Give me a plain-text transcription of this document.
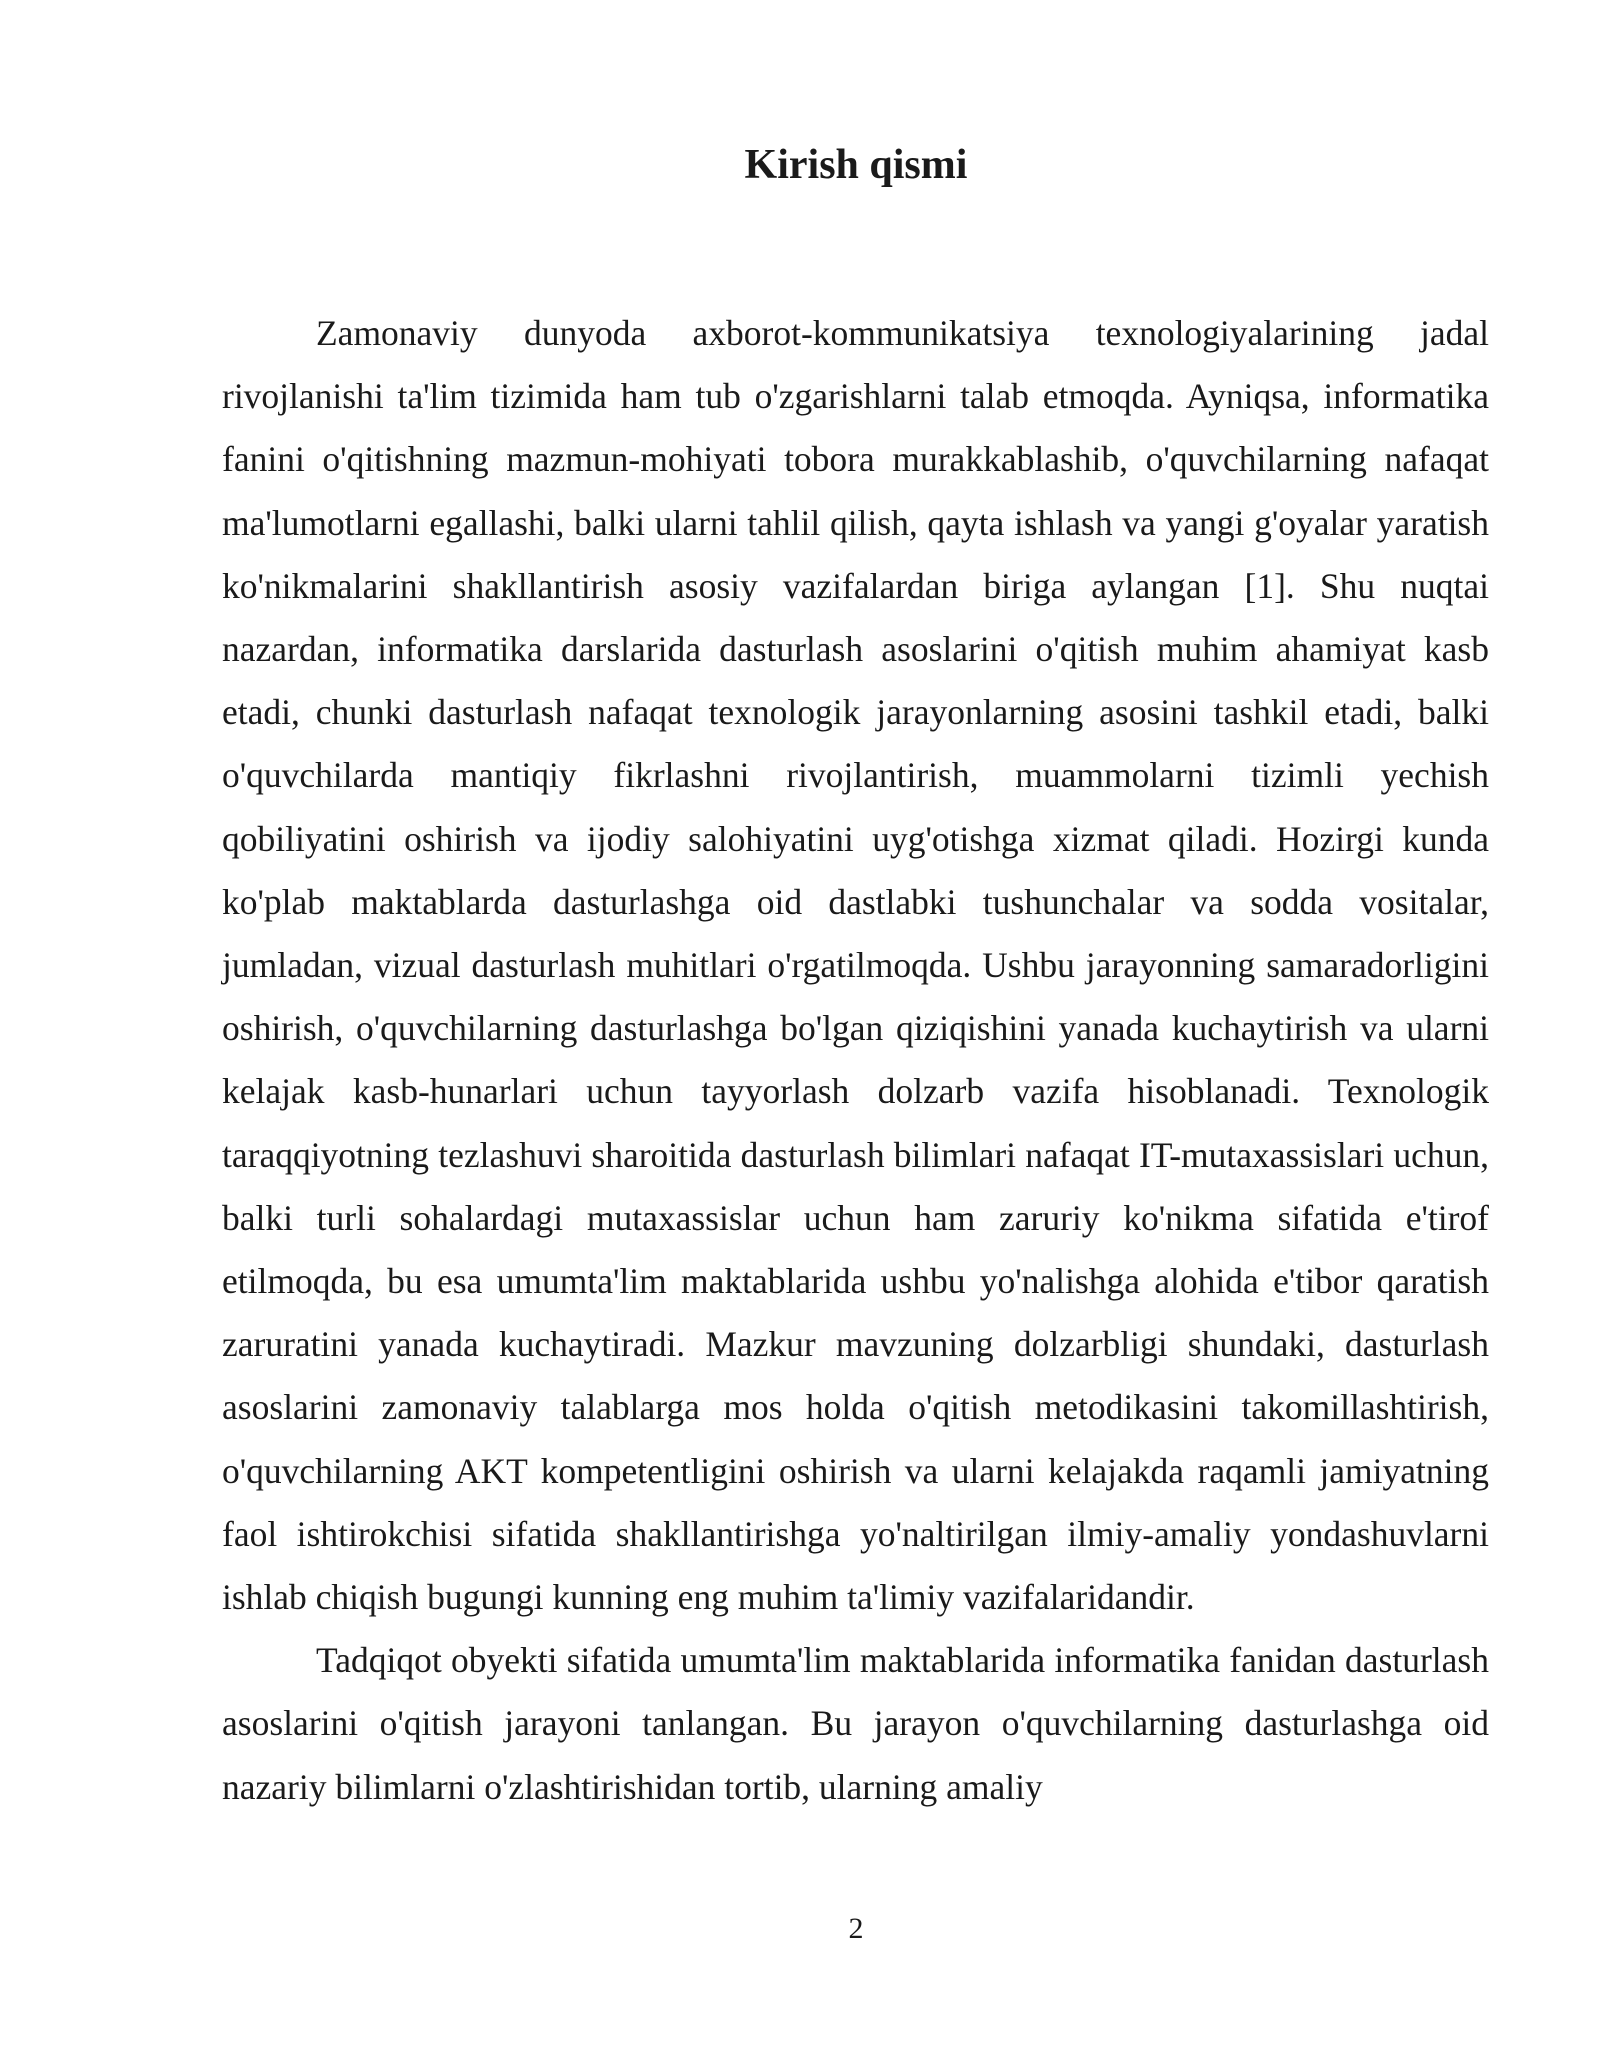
Kirish qismi

Zamonaviy dunyoda axborot-kommunikatsiya texnologiyalarining jadal rivojlanishi ta'lim tizimida ham tub o'zgarishlarni talab etmoqda. Ayniqsa, informatika fanini o'qitishning mazmun-mohiyati tobora murakkablashib, o'quvchilarning nafaqat ma'lumotlarni egallashi, balki ularni tahlil qilish, qayta ishlash va yangi g'oyalar yaratish ko'nikmalarini shakllantirish asosiy vazifalardan biriga aylangan [1]. Shu nuqtai nazardan, informatika darslarida dasturlash asoslarini o'qitish muhim ahamiyat kasb etadi, chunki dasturlash nafaqat texnologik jarayonlarning asosini tashkil etadi, balki o'quvchilarda mantiqiy fikrlashni rivojlantirish, muammolarni tizimli yechish qobiliyatini oshirish va ijodiy salohiyatini uyg'otishga xizmat qiladi. Hozirgi kunda ko'plab maktablarda dasturlashga oid dastlabki tushunchalar va sodda vositalar, jumladan, vizual dasturlash muhitlari o'rgatilmoqda. Ushbu jarayonning samaradorligini oshirish, o'quvchilarning dasturlashga bo'lgan qiziqishini yanada kuchaytirish va ularni kelajak kasb-hunarlari uchun tayyorlash dolzarb vazifa hisoblanadi. Texnologik taraqqiyotning tezlashuvi sharoitida dasturlash bilimlari nafaqat IT-mutaxassislari uchun, balki turli sohalardagi mutaxassislar uchun ham zaruriy ko'nikma sifatida e'tirof etilmoqda, bu esa umumta'lim maktablarida ushbu yo'nalishga alohida e'tibor qaratish zaruratini yanada kuchaytiradi. Mazkur mavzuning dolzarbligi shundaki, dasturlash asoslarini zamonaviy talablarga mos holda o'qitish metodikasini takomillashtirish, o'quvchilarning AKT kompetentligini oshirish va ularni kelajakda raqamli jamiyatning faol ishtirokchisi sifatida shakllantirishga yo'naltirilgan ilmiy-amaliy yondashuvlarni ishlab chiqish bugungi kunning eng muhim ta'limiy vazifalaridandir.

Tadqiqot obyekti sifatida umumta'lim maktablarida informatika fanidan dasturlash asoslarini o'qitish jarayoni tanlangan. Bu jarayon o'quvchilarning dasturlashga oid nazariy bilimlarni o'zlashtirishidan tortib, ularning amaliy

2
